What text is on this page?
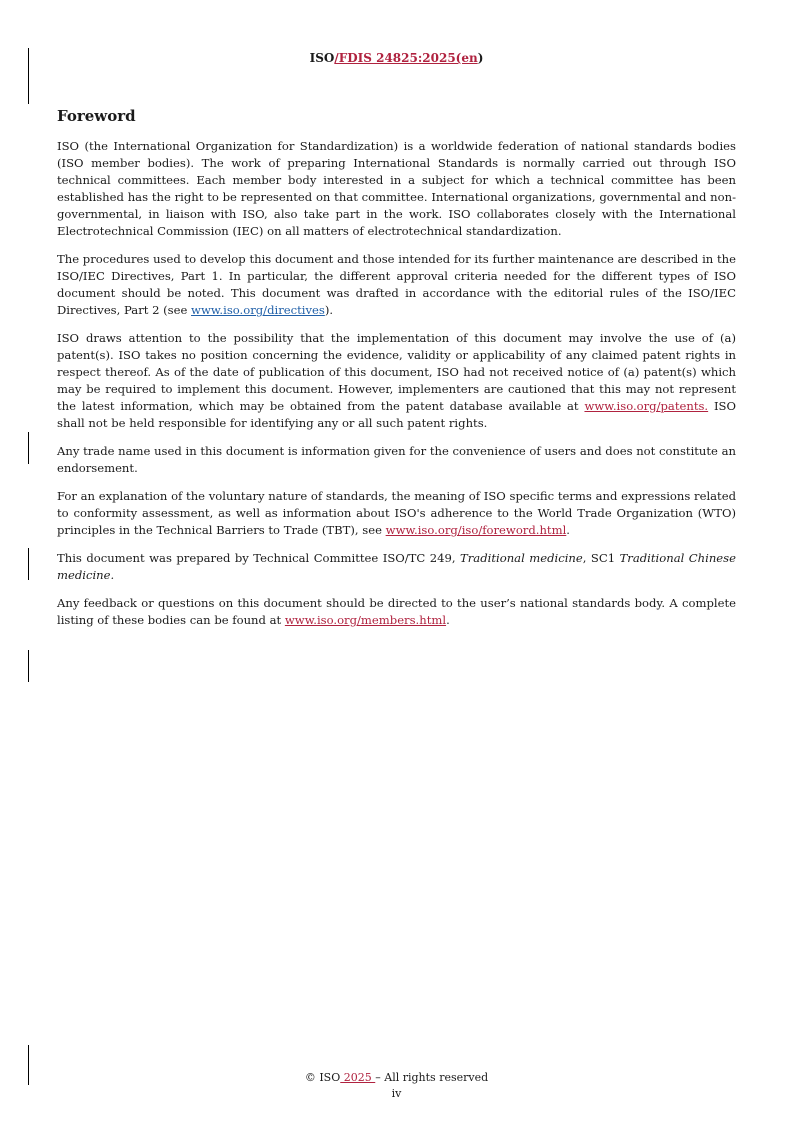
ISO/FDIS 24825:2025(en)
Foreword

ISO (the International Organization for Standardization) is a worldwide federation of national standards bodies (ISO member bodies). The work of preparing International Standards is normally carried out through ISO technical committees. Each member body interested in a subject for which a technical committee has been established has the right to be represented on that committee. International organizations, governmental and non-governmental, in liaison with ISO, also take part in the work. ISO collaborates closely with the International Electrotechnical Commission (IEC) on all matters of electrotechnical standardization.

The procedures used to develop this document and those intended for its further maintenance are described in the ISO/IEC Directives, Part 1. In particular, the different approval criteria needed for the different types of ISO document should be noted. This document was drafted in accordance with the editorial rules of the ISO/IEC Directives, Part 2 (see www.iso.org/directives).

ISO draws attention to the possibility that the implementation of this document may involve the use of (a) patent(s). ISO takes no position concerning the evidence, validity or applicability of any claimed patent rights in respect thereof. As of the date of publication of this document, ISO had not received notice of (a) patent(s) which may be required to implement this document. However, implementers are cautioned that this may not represent the latest information, which may be obtained from the patent database available at www.iso.org/patents. ISO shall not be held responsible for identifying any or all such patent rights.

Any trade name used in this document is information given for the convenience of users and does not constitute an endorsement.

For an explanation of the voluntary nature of standards, the meaning of ISO specific terms and expressions related to conformity assessment, as well as information about ISO's adherence to the World Trade Organization (WTO) principles in the Technical Barriers to Trade (TBT), see www.iso.org/iso/foreword.html.

This document was prepared by Technical Committee ISO/TC 249, Traditional medicine, SC1 Traditional Chinese medicine.

Any feedback or questions on this document should be directed to the user’s national standards body. A complete listing of these bodies can be found at www.iso.org/members.html.

© ISO 2025 – All rights reserved
iv
